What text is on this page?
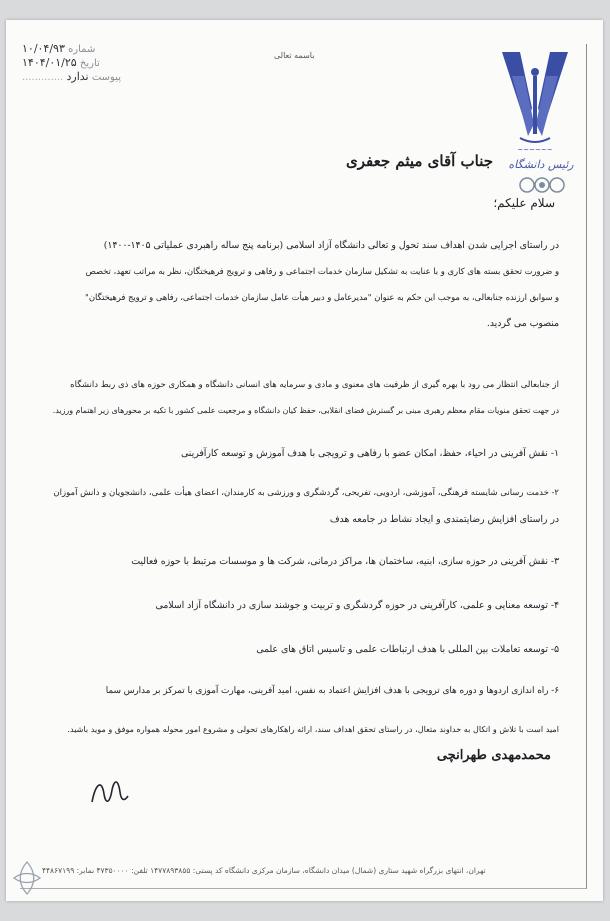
شماره ۱۰/۰۴/۹۳
تاریخ ۱۴۰۴/۰۱/۲۵
پیوست ندارد .............
باسمه تعالی
~~~~~~
رئیس دانشگاه
جناب آقای میثم جعفری
سلام علیکم؛
در راستای اجرایی شدن اهداف سند تحول و تعالی دانشگاه آزاد اسلامی (برنامه پنج ساله راهبردی عملیاتی ۱۴۰۵-۱۴۰۰)
و ضرورت تحقق بسته های کاری و با عنایت به تشکیل سازمان خدمات اجتماعی و رفاهی و ترویج فرهیختگان، نظر به مراتب تعهد، تخصص
و سوابق ارزنده جنابعالی، به موجب این حکم به عنوان "مدیرعامل و دبیر هیأت عامل سازمان خدمات اجتماعی، رفاهی و ترویج فرهیختگان"
منصوب می گردید.
از جنابعالی انتظار می رود با بهره گیری از ظرفیت های معنوی و مادی و سرمایه های انسانی دانشگاه و همکاری حوزه های ذی ربط دانشگاه
در جهت تحقق منویات مقام معظم رهبری مبنی بر گسترش فضای انقلابی، حفظ کیان دانشگاه و مرجعیت علمی کشور با تکیه بر محورهای زیر اهتمام ورزید.
۱- نقش آفرینی در احیاء، حفظ، امکان عضو با رفاهی و ترویجی با هدف آموزش و توسعه کارآفرینی
۲- خدمت رسانی شایسته فرهنگی، آموزشی، اردویی، تفریحی، گردشگری و ورزشی به کارمندان، اعضای هیأت علمی، دانشجویان و دانش آموزان
در راستای افزایش رضایتمندی و ایجاد نشاط در جامعه هدف
۳- نقش آفرینی در حوزه سازی، ابنیه، ساختمان ها، مراکز درمانی، شرکت ها و موسسات مرتبط با حوزه فعالیت
۴- توسعه معنایی و علمی، کارآفرینی در حوزه گردشگری و تربیت و جوشند سازی در دانشگاه آزاد اسلامی
۵- توسعه تعاملات بین المللی با هدف ارتباطات علمی و تاسیس اتاق های علمی
۶- راه اندازی اردوها و دوره های ترویجی با هدف افزایش اعتماد به نفس، امید آفرینی، مهارت آموزی با تمرکز بر مدارس سما
امید است با تلاش و اتکال به خداوند متعال، در راستای تحقق اهداف سند، ارائه راهکارهای تحولی و مشروع امور محوله همواره موفق و موید باشید.
محمدمهدی طهرانچی
تهران، انتهای بزرگراه شهید ستاری (شمال) میدان دانشگاه، سازمان مرکزی دانشگاه کد پستی: ۱۴۷۷۸۹۳۸۵۵ تلفن: ۴۷۳۵۰۰۰۰ نمابر: ۴۴۸۶۷۱۹۹
